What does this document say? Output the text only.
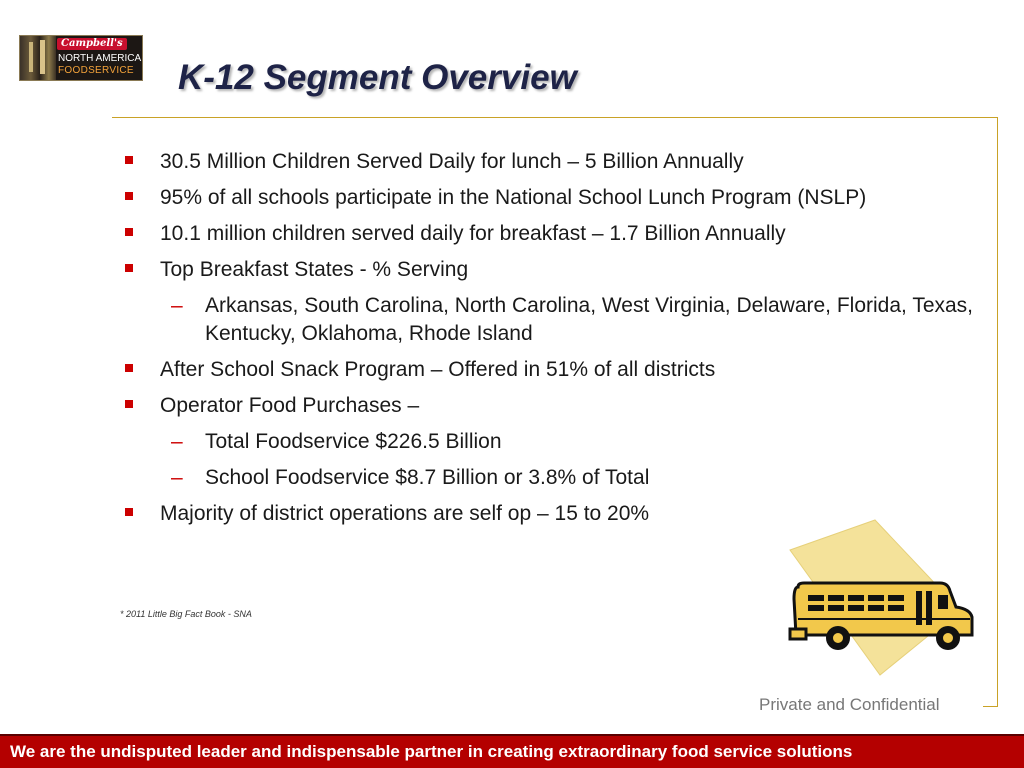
Campbell's
NORTH AMERICA
FOODSERVICE K-12 Segment Overview
30.5 Million Children Served Daily for lunch – 5 Billion Annually
95% of all schools participate in the National School Lunch Program (NSLP)
10.1 million children served daily for breakfast – 1.7 Billion Annually
Top Breakfast States - % Serving
– Arkansas, South Carolina, North Carolina, West Virginia, Delaware, Florida, Texas, Kentucky, Oklahoma, Rhode Island
After School Snack Program – Offered in 51% of all districts
Operator Food Purchases –
– Total Foodservice $226.5 Billion
– School Foodservice $8.7 Billion or 3.8% of Total
Majority of district operations are self op – 15 to 20%
* 2011 Little Big Fact Book - SNA
Private and Confidential
We are the undisputed leader and indispensable partner in creating extraordinary food service solutions
